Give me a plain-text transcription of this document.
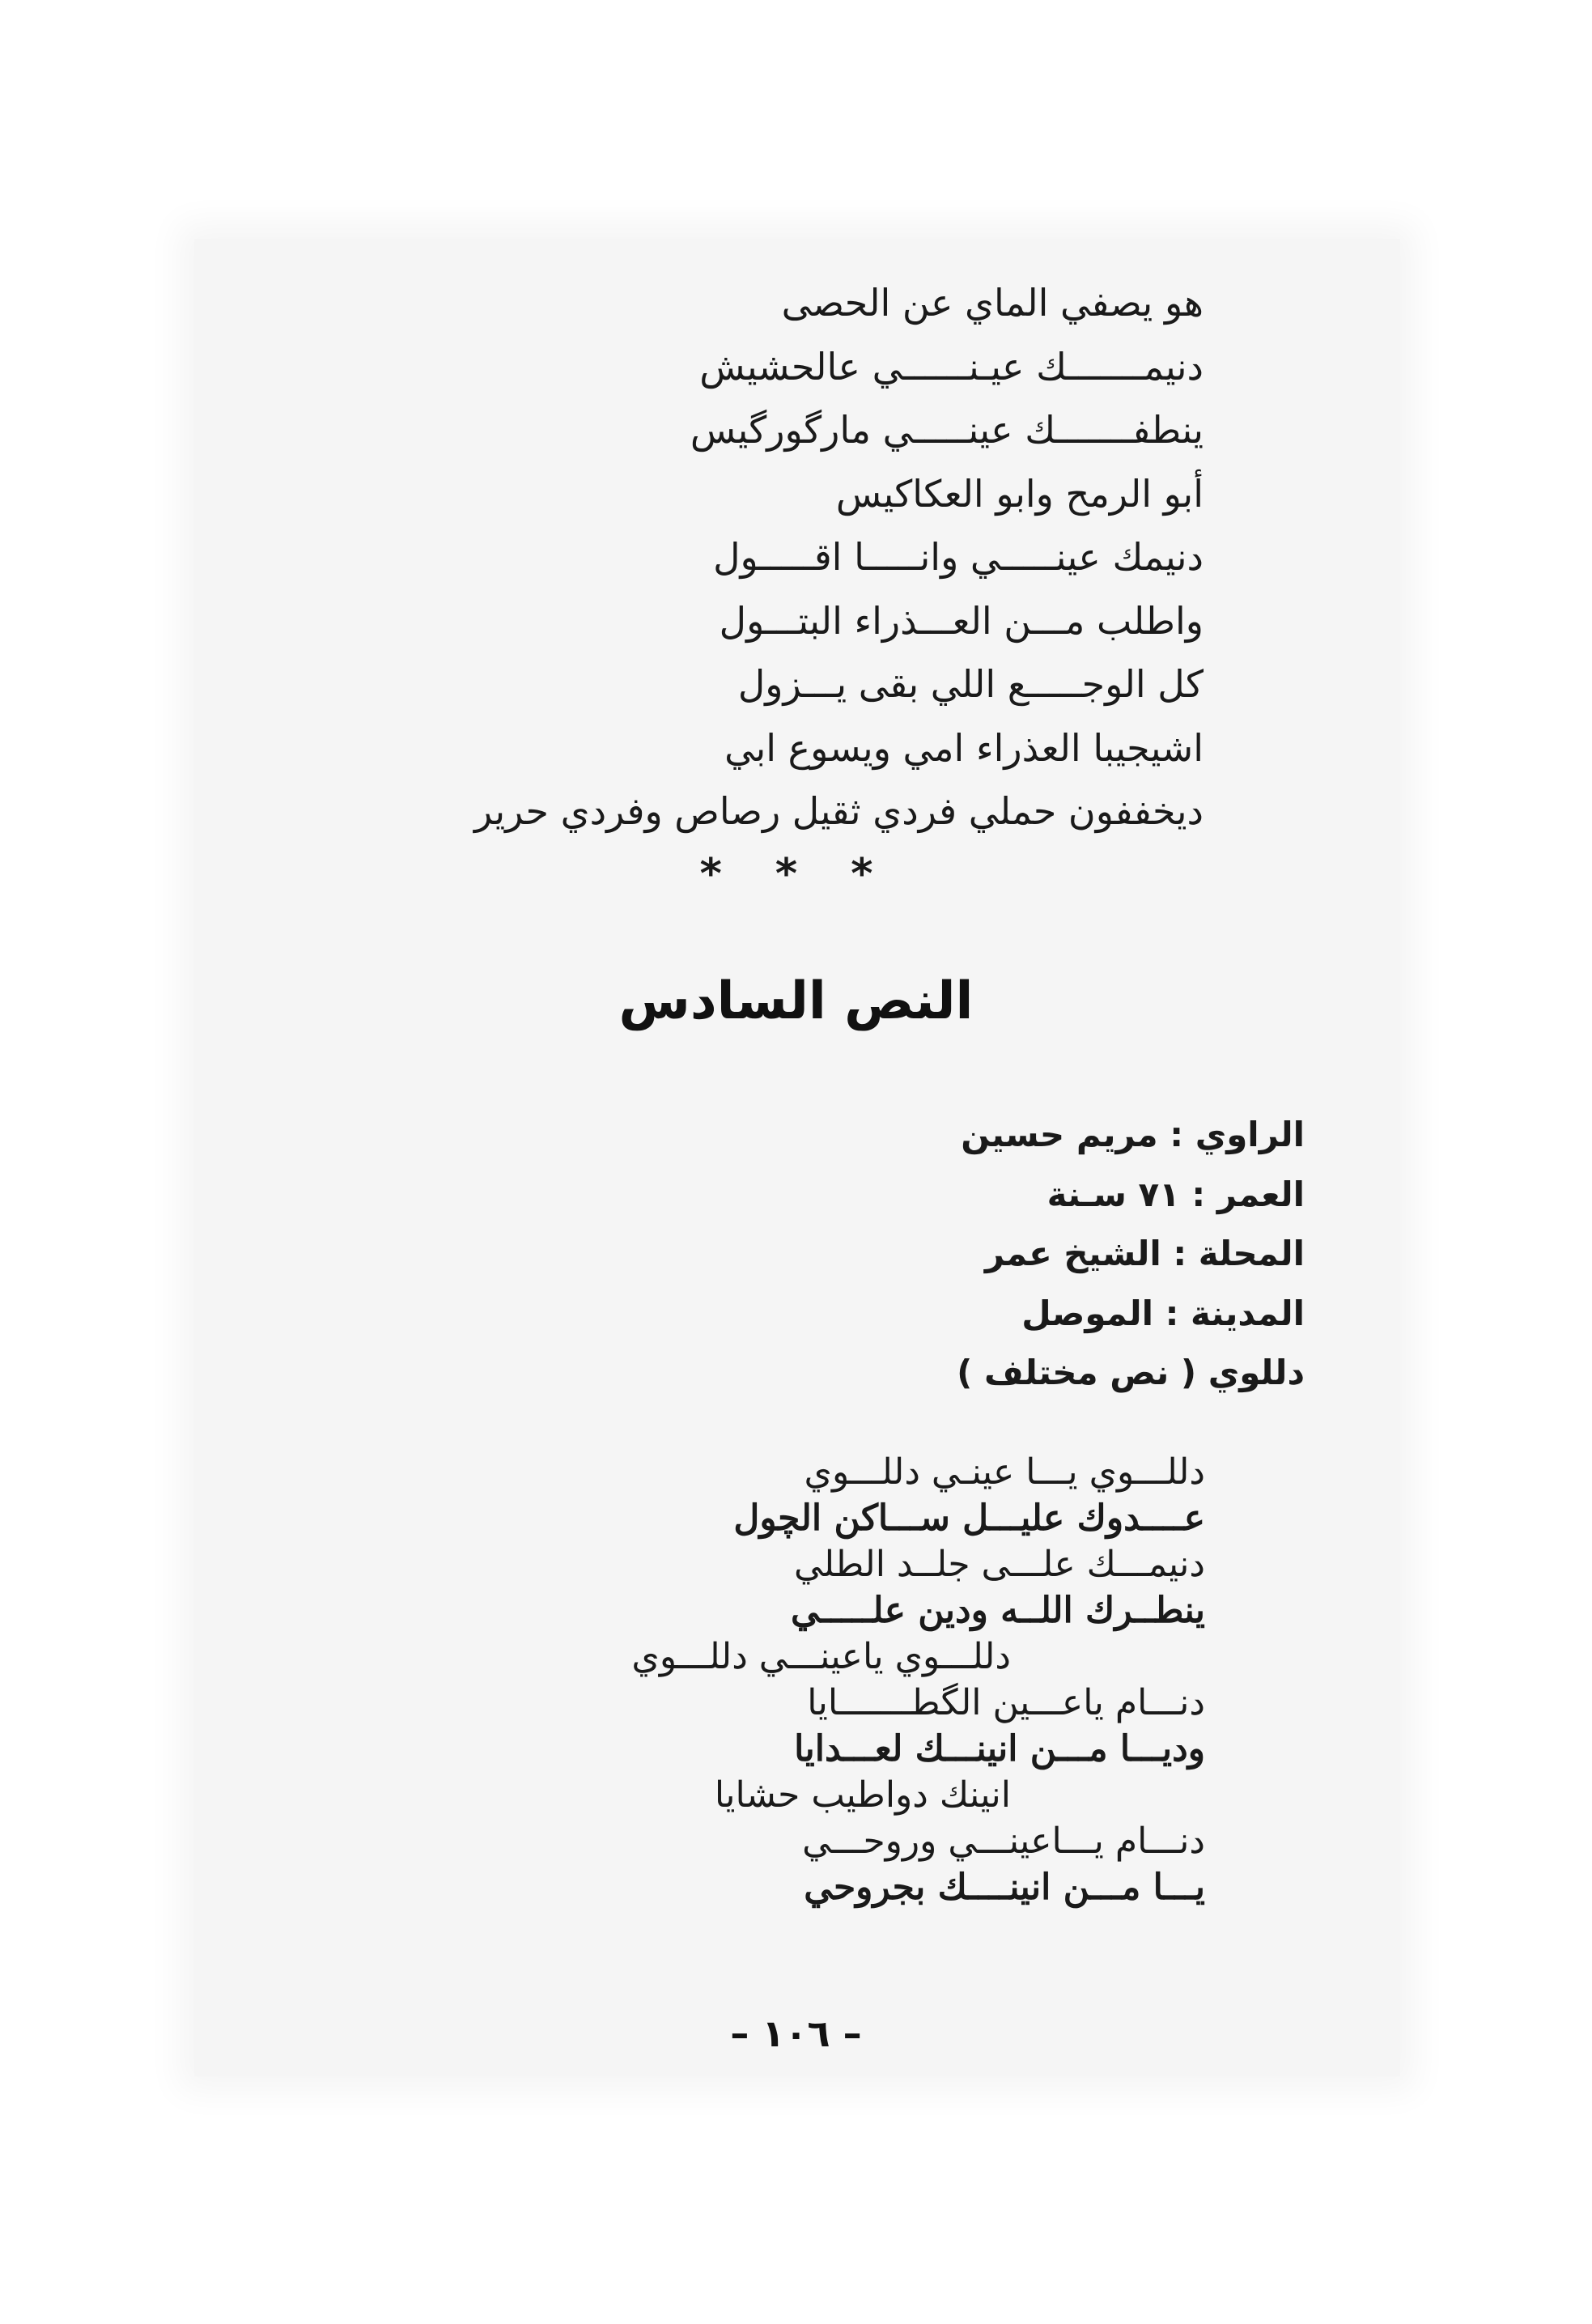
هو يصفي الماي عن الحصى
دنيمـــــــك عيـنــــــي عالحشيش
ينطفـــــــك عينـــــي مارگورگيس
أبو الرمح وابو العكاكيس
دنيمك عينـــــي وانـــــا اقـــــول
واطلب مـــن العـــذراء البتـــول
كل الوجـــــع اللي بقى يـــزول
اشيجيبا العذراء امي ويسوع ابي
ديخففون حملي فردي ثقيل رصاص وفردي حرير
* * *
النص السادس
الراوي : مريم حسين
العمر : ٧١ سـنة
المحلة : الشيخ عمر
المدينة : الموصل
دللوي ( نص مختلف )
دللـــوي يـــا عينـي دللـــوي
عــــدوك عليـــل ســـاكن الچول
دنيمـــك علـــى جلــد الطلي
ينطــرك اللــه ودين علـــــي
دللـــوي ياعينـــي دللـــوي
دنـــام ياعـــين الگطـــــــايا
وديـــا مـــن انينـــك لعـــدايا
انينك دواطيب حشايا
دنـــام يـــاعينـــي وروحـــي
يـــا مـــن انينــــك بجروحي
– ١٠٦ –
